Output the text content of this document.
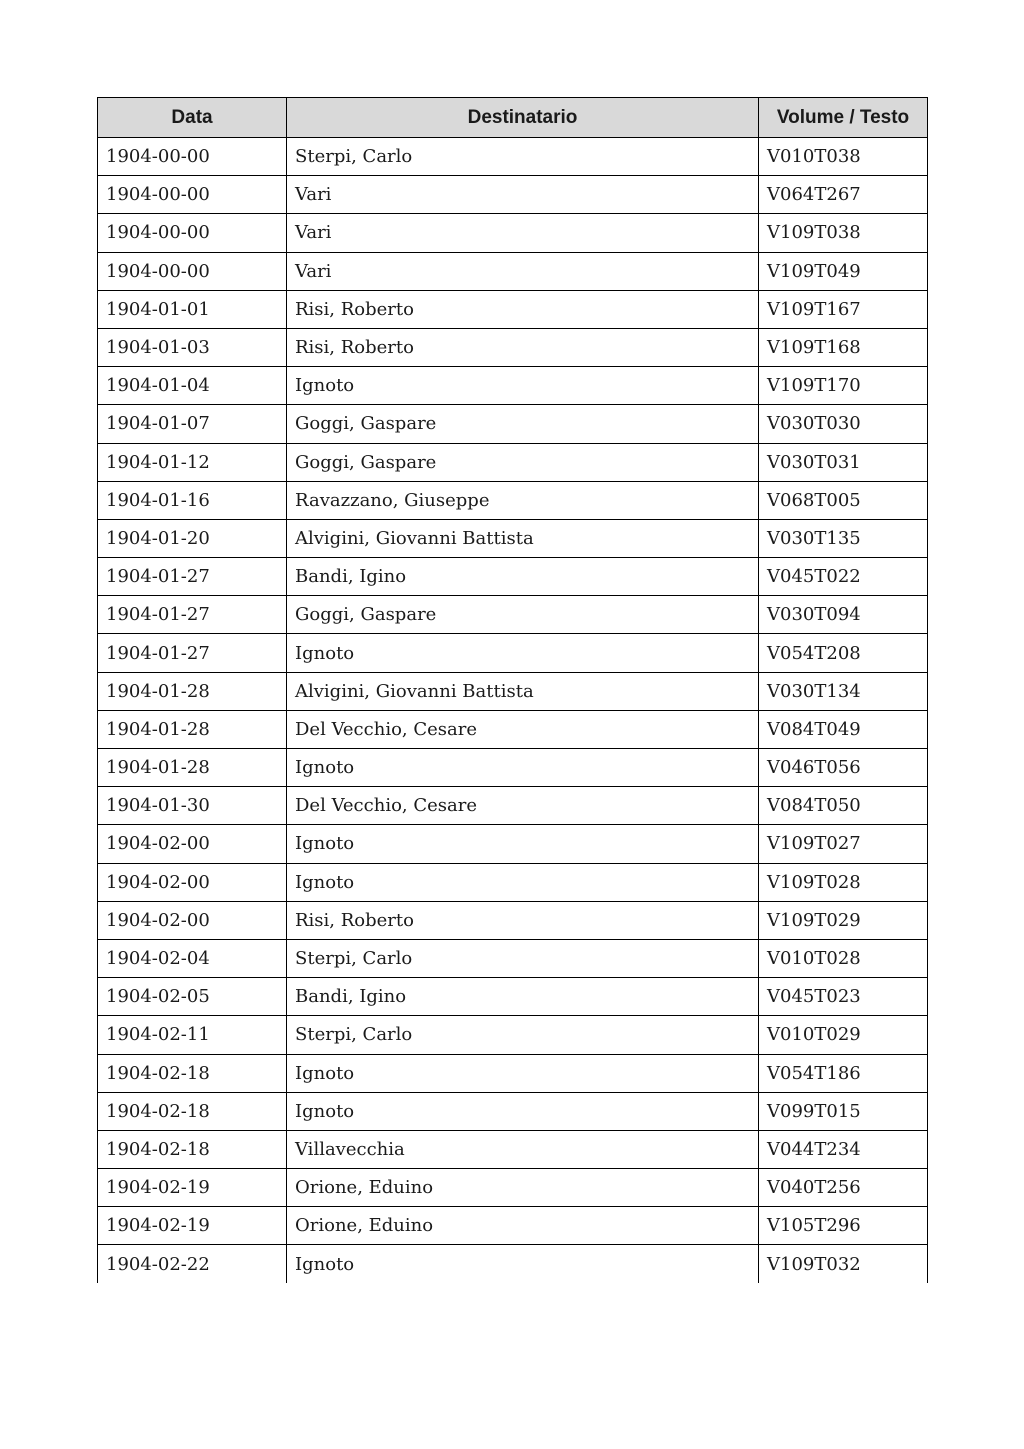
Data	Destinatario	Volume / Testo
1904-00-00	Sterpi, Carlo	V010T038
1904-00-00	Vari	V064T267
1904-00-00	Vari	V109T038
1904-00-00	Vari	V109T049
1904-01-01	Risi, Roberto	V109T167
1904-01-03	Risi, Roberto	V109T168
1904-01-04	Ignoto	V109T170
1904-01-07	Goggi, Gaspare	V030T030
1904-01-12	Goggi, Gaspare	V030T031
1904-01-16	Ravazzano, Giuseppe	V068T005
1904-01-20	Alvigini, Giovanni Battista	V030T135
1904-01-27	Bandi, Igino	V045T022
1904-01-27	Goggi, Gaspare	V030T094
1904-01-27	Ignoto	V054T208
1904-01-28	Alvigini, Giovanni Battista	V030T134
1904-01-28	Del Vecchio, Cesare	V084T049
1904-01-28	Ignoto	V046T056
1904-01-30	Del Vecchio, Cesare	V084T050
1904-02-00	Ignoto	V109T027
1904-02-00	Ignoto	V109T028
1904-02-00	Risi, Roberto	V109T029
1904-02-04	Sterpi, Carlo	V010T028
1904-02-05	Bandi, Igino	V045T023
1904-02-11	Sterpi, Carlo	V010T029
1904-02-18	Ignoto	V054T186
1904-02-18	Ignoto	V099T015
1904-02-18	Villavecchia	V044T234
1904-02-19	Orione, Eduino	V040T256
1904-02-19	Orione, Eduino	V105T296
1904-02-22	Ignoto	V109T032
